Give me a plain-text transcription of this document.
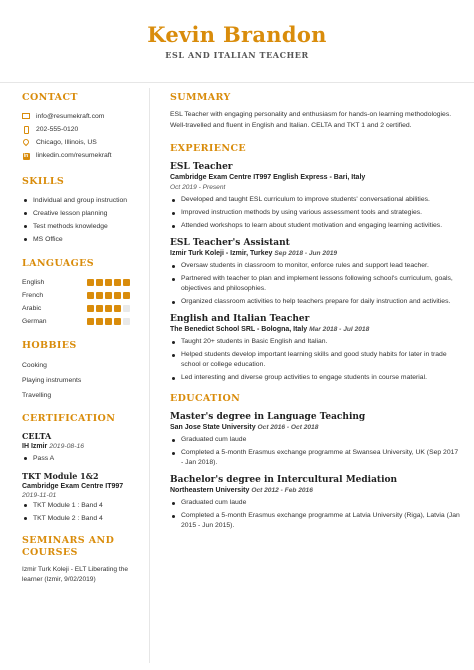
Kevin Brandon
ESL AND ITALIAN TEACHER
CONTACT
info@resumekraft.com
202-555-0120
Chicago, Illinois, US
in linkedin.com/resumekraft
SKILLS
Individual and group instruction
Creative lesson planning
Test methods knowledge
MS Office
LANGUAGES
English
French
Arabic
German
HOBBIES
Cooking
Playing instruments
Travelling
CERTIFICATION
CELTA
IH Izmir 2019-08-16
Pass A
TKT Module 1&2
Cambridge Exam Centre IT997
2019-11-01
TKT Module 1 : Band 4
TKT Module 2 : Band 4
SEMINARS AND COURSES
Izmir Turk Koleji - ELT Liberating the learner (Izmir, 9/02/2019)
SUMMARY
ESL Teacher with engaging personality and enthusiasm for hands-on learning methodologies. Well-travelled and fluent in English and Italian. CELTA and TKT 1 and 2 certified.
EXPERIENCE
ESL Teacher
Cambridge Exam Centre IT997 English Express - Bari, Italy
Oct 2019 - Present
Developed and taught ESL curriculum to improve students' conversational abilities.
Improved instruction methods by using various assessment tools and strategies.
Attended workshops to learn about student motivation and engaging learning activities.
ESL Teacher's Assistant
Izmir Turk Koleji - Izmir, Turkey Sep 2018 - Jun 2019
Oversaw students in classroom to monitor, enforce rules and support lead teacher.
Partnered with teacher to plan and implement lessons following school's curriculum, goals, objectives and philosophies.
Organized classroom activities to help teachers prepare for daily instruction and activities.
English and Italian Teacher
The Benedict School SRL - Bologna, Italy Mar 2018 - Jul 2018
Taught 20+ students in Basic English and Italian.
Helped students develop important learning skills and good study habits for later in trade school or college education.
Led interesting and diverse group activities to engage students in course material.
EDUCATION
Master's degree in Language Teaching
San Jose State University Oct 2016 - Oct 2018
Graduated cum laude
Completed a 5-month Erasmus exchange programme at Swansea University, UK (Sep 2017 - Jan 2018).
Bachelor's degree in Intercultural Mediation
Northeastern University Oct 2012 - Feb 2016
Graduated cum laude
Completed a 5-month Erasmus exchange programme at Latvia University (Riga), Latvia (Jan 2015 - Jun 2015).
